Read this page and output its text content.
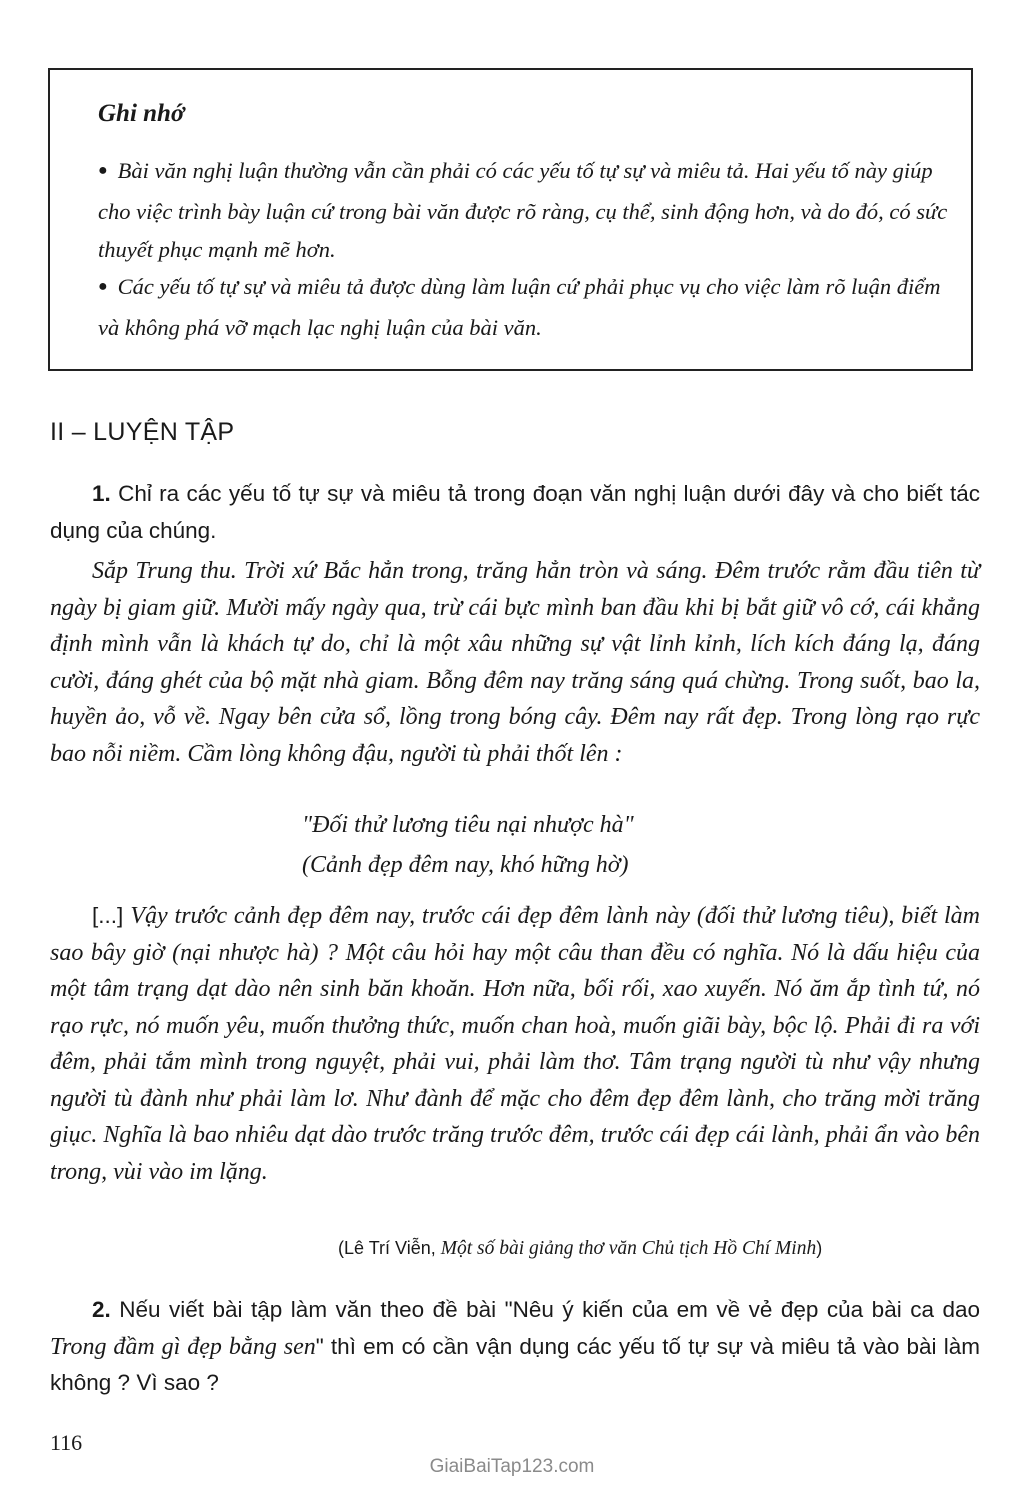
Ghi nhớ
● Bài văn nghị luận thường vẫn cần phải có các yếu tố tự sự và miêu tả. Hai yếu tố này giúp cho việc trình bày luận cứ trong bài văn được rõ ràng, cụ thể, sinh động hơn, và do đó, có sức thuyết phục mạnh mẽ hơn.
● Các yếu tố tự sự và miêu tả được dùng làm luận cứ phải phục vụ cho việc làm rõ luận điểm và không phá vỡ mạch lạc nghị luận của bài văn.
II – LUYỆN TẬP
1. Chỉ ra các yếu tố tự sự và miêu tả trong đoạn văn nghị luận dưới đây và cho biết tác dụng của chúng.
Sắp Trung thu. Trời xứ Bắc hẳn trong, trăng hẳn tròn và sáng. Đêm trước rằm đầu tiên từ ngày bị giam giữ. Mười mấy ngày qua, trừ cái bực mình ban đầu khi bị bắt giữ vô cớ, cái khẳng định mình vẫn là khách tự do, chỉ là một xâu những sự vật lỉnh kỉnh, lích kích đáng lạ, đáng cười, đáng ghét của bộ mặt nhà giam. Bỗng đêm nay trăng sáng quá chừng. Trong suốt, bao la, huyền ảo, vỗ về. Ngay bên cửa sổ, lồng trong bóng cây. Đêm nay rất đẹp. Trong lòng rạo rực bao nỗi niềm. Cầm lòng không đậu, người tù phải thốt lên :
"Đối thử lương tiêu nại nhược hà"
(Cảnh đẹp đêm nay, khó hững hờ)
[...] Vậy trước cảnh đẹp đêm nay, trước cái đẹp đêm lành này (đối thử lương tiêu), biết làm sao bây giờ (nại nhược hà) ? Một câu hỏi hay một câu than đều có nghĩa. Nó là dấu hiệu của một tâm trạng dạt dào nên sinh băn khoăn. Hơn nữa, bối rối, xao xuyến. Nó ăm ắp tình tứ, nó rạo rực, nó muốn yêu, muốn thưởng thức, muốn chan hoà, muốn giãi bày, bộc lộ. Phải đi ra với đêm, phải tắm mình trong nguyệt, phải vui, phải làm thơ. Tâm trạng người tù như vậy nhưng người tù đành như phải làm lơ. Như đành để mặc cho đêm đẹp đêm lành, cho trăng mời trăng giục. Nghĩa là bao nhiêu dạt dào trước trăng trước đêm, trước cái đẹp cái lành, phải ẩn vào bên trong, vùi vào im lặng.
(Lê Trí Viễn, Một số bài giảng thơ văn Chủ tịch Hồ Chí Minh)
2. Nếu viết bài tập làm văn theo đề bài "Nêu ý kiến của em về vẻ đẹp của bài ca dao Trong đầm gì đẹp bằng sen" thì em có cần vận dụng các yếu tố tự sự và miêu tả vào bài làm không ? Vì sao ?
116
GiaiBaiTap123.com
